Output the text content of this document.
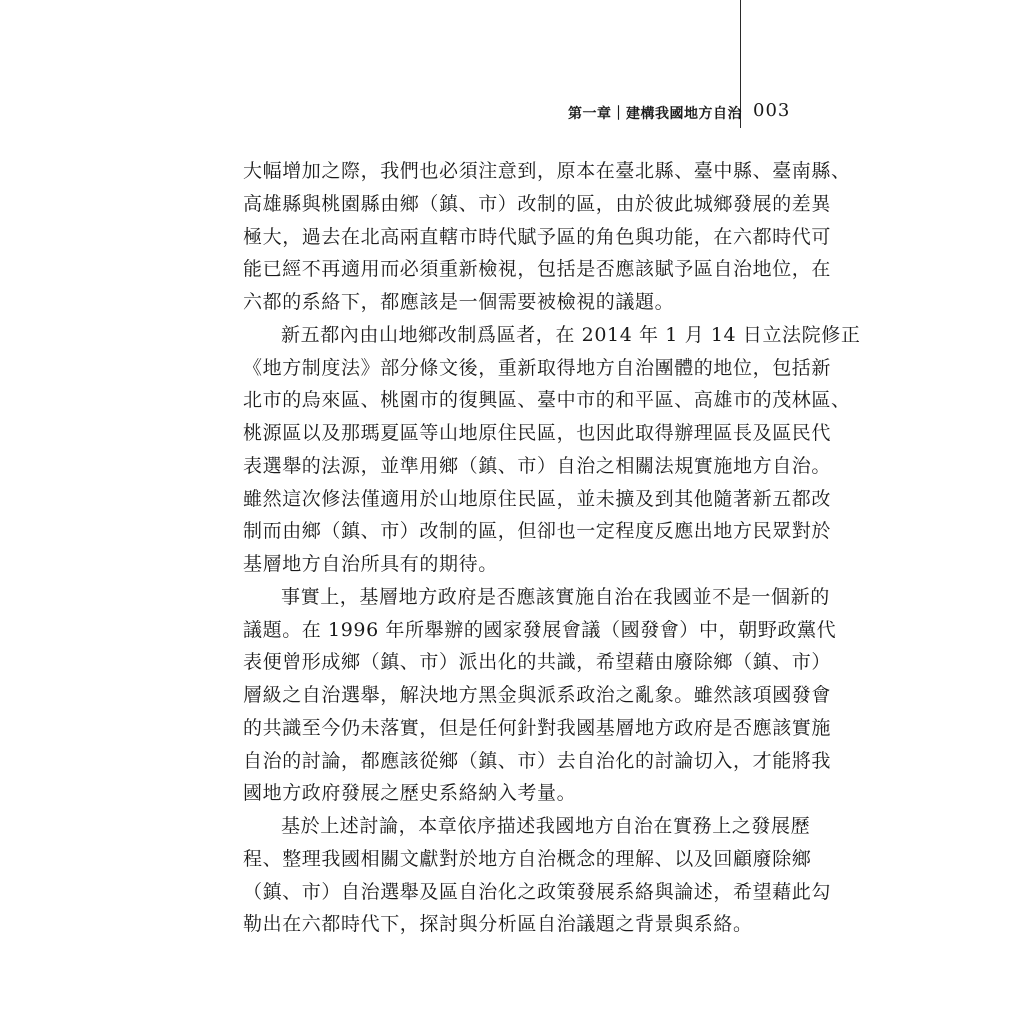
第一章｜建構我國地方自治 003
大幅增加之際，我們也必須注意到，原本在臺北縣、臺中縣、臺南縣、
高雄縣與桃園縣由鄉（鎮、市）改制的區，由於彼此城鄉發展的差異
極大，過去在北高兩直轄市時代賦予區的角色與功能，在六都時代可
能已經不再適用而必須重新檢視，包括是否應該賦予區自治地位，在
六都的系絡下，都應該是一個需要被檢視的議題。
新五都內由山地鄉改制爲區者，在 2014 年 1 月 14 日立法院修正
《地方制度法》部分條文後，重新取得地方自治團體的地位，包括新
北市的烏來區、桃園市的復興區、臺中市的和平區、高雄市的茂林區、
桃源區以及那瑪夏區等山地原住民區，也因此取得辦理區長及區民代
表選舉的法源，並準用鄉（鎮、市）自治之相關法規實施地方自治。
雖然這次修法僅適用於山地原住民區，並未擴及到其他隨著新五都改
制而由鄉（鎮、市）改制的區，但卻也一定程度反應出地方民眾對於
基層地方自治所具有的期待。
事實上，基層地方政府是否應該實施自治在我國並不是一個新的
議題。在 1996 年所舉辦的國家發展會議（國發會）中，朝野政黨代
表便曾形成鄉（鎮、市）派出化的共識，希望藉由廢除鄉（鎮、市）
層級之自治選舉，解決地方黑金與派系政治之亂象。雖然該項國發會
的共識至今仍未落實，但是任何針對我國基層地方政府是否應該實施
自治的討論，都應該從鄉（鎮、市）去自治化的討論切入，才能將我
國地方政府發展之歷史系絡納入考量。
基於上述討論，本章依序描述我國地方自治在實務上之發展歷
程、整理我國相關文獻對於地方自治概念的理解、以及回顧廢除鄉
（鎮、市）自治選舉及區自治化之政策發展系絡與論述，希望藉此勾
勒出在六都時代下，探討與分析區自治議題之背景與系絡。
